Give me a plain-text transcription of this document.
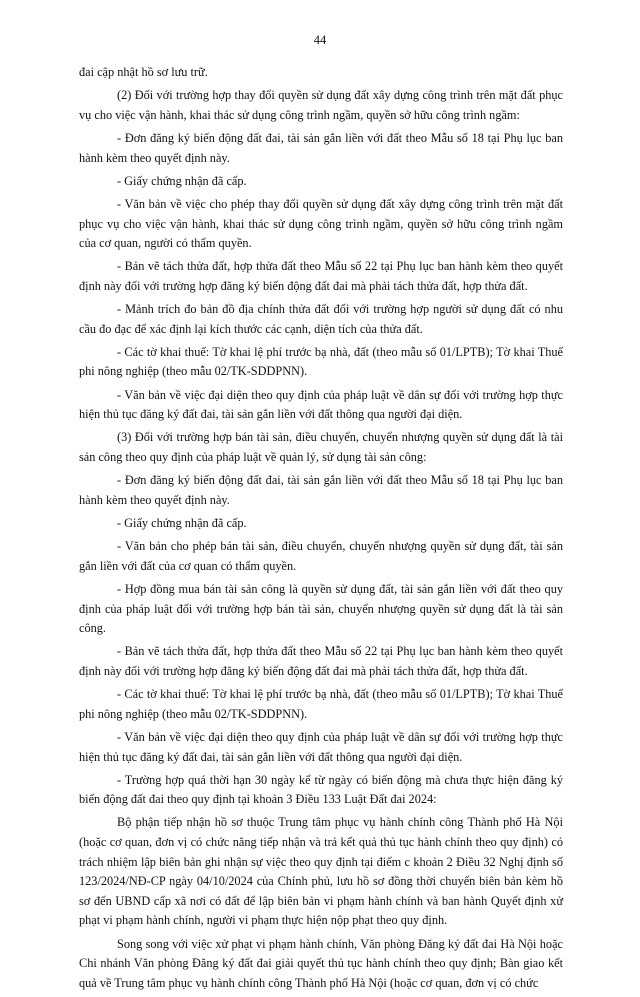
44

đai cập nhật hồ sơ lưu trữ.

(2) Đối với trường hợp thay đổi quyền sử dụng đất xây dựng công trình trên mặt đất phục vụ cho việc vận hành, khai thác sử dụng công trình ngầm, quyền sở hữu công trình ngầm:

- Đơn đăng ký biến động đất đai, tài sản gắn liền với đất theo Mẫu số 18 tại Phụ lục ban hành kèm theo quyết định này.

- Giấy chứng nhận đã cấp.

- Văn bản về việc cho phép thay đổi quyền sử dụng đất xây dựng công trình trên mặt đất phục vụ cho việc vận hành, khai thác sử dụng công trình ngầm, quyền sở hữu công trình ngầm của cơ quan, người có thẩm quyền.

- Bản vẽ tách thửa đất, hợp thửa đất theo Mẫu số 22 tại Phụ lục ban hành kèm theo quyết định này đối với trường hợp đăng ký biến động đất đai mà phải tách thửa đất, hợp thửa đất.

- Mảnh trích đo bản đồ địa chính thửa đất đối với trường hợp người sử dụng đất có nhu cầu đo đạc để xác định lại kích thước các cạnh, diện tích của thửa đất.

- Các tờ khai thuế: Tờ khai lệ phí trước bạ nhà, đất (theo mẫu số 01/LPTB); Tờ khai Thuế phi nông nghiệp (theo mẫu 02/TK-SDDPNN).

- Văn bản về việc đại diện theo quy định của pháp luật về dân sự đối với trường hợp thực hiện thủ tục đăng ký đất đai, tài sản gắn liền với đất thông qua người đại diện.

(3) Đối với trường hợp bán tài sản, điều chuyển, chuyển nhượng quyền sử dụng đất là tài sản công theo quy định của pháp luật về quản lý, sử dụng tài sản công:

- Đơn đăng ký biến động đất đai, tài sản gắn liền với đất theo Mẫu số 18 tại Phụ lục ban hành kèm theo quyết định này.

- Giấy chứng nhận đã cấp.

- Văn bản cho phép bán tài sản, điều chuyển, chuyển nhượng quyền sử dụng đất, tài sản gắn liền với đất của cơ quan có thẩm quyền.

- Hợp đồng mua bán tài sản công là quyền sử dụng đất, tài sản gắn liền với đất theo quy định của pháp luật đối với trường hợp bán tài sản, chuyển nhượng quyền sử dụng đất là tài sản công.

- Bản vẽ tách thửa đất, hợp thửa đất theo Mẫu số 22 tại Phụ lục ban hành kèm theo quyết định này đối với trường hợp đăng ký biến động đất đai mà phải tách thửa đất, hợp thửa đất.

- Các tờ khai thuế: Tờ khai lệ phí trước bạ nhà, đất (theo mẫu số 01/LPTB); Tờ khai Thuế phi nông nghiệp (theo mẫu 02/TK-SDDPNN).

- Văn bản về việc đại diện theo quy định của pháp luật về dân sự đối với trường hợp thực hiện thủ tục đăng ký đất đai, tài sản gắn liền với đất thông qua người đại diện.

- Trường hợp quá thời hạn 30 ngày kể từ ngày có biến động mà chưa thực hiện đăng ký biến động đất đai theo quy định tại khoản 3 Điều 133 Luật Đất đai 2024:

Bộ phận tiếp nhận hồ sơ thuộc Trung tâm phục vụ hành chính công Thành phố Hà Nội (hoặc cơ quan, đơn vị có chức năng tiếp nhận và trả kết quả thủ tục hành chính theo quy định) có trách nhiệm lập biên bản ghi nhận sự việc theo quy định tại điểm c khoản 2 Điều 32 Nghị định số 123/2024/NĐ-CP ngày 04/10/2024 của Chính phủ, lưu hồ sơ đồng thời chuyển biên bản kèm hồ sơ đến UBND cấp xã nơi có đất để lập biên bản vi phạm hành chính và ban hành Quyết định xử phạt vi phạm hành chính, người vi phạm thực hiện nộp phạt theo quy định.

Song song với việc xử phạt vi phạm hành chính, Văn phòng Đăng ký đất đai Hà Nội hoặc Chi nhánh Văn phòng Đăng ký đất đai giải quyết thủ tục hành chính theo quy định; Bàn giao kết quả về Trung tâm phục vụ hành chính công Thành phố Hà Nội (hoặc cơ quan, đơn vị có chức
